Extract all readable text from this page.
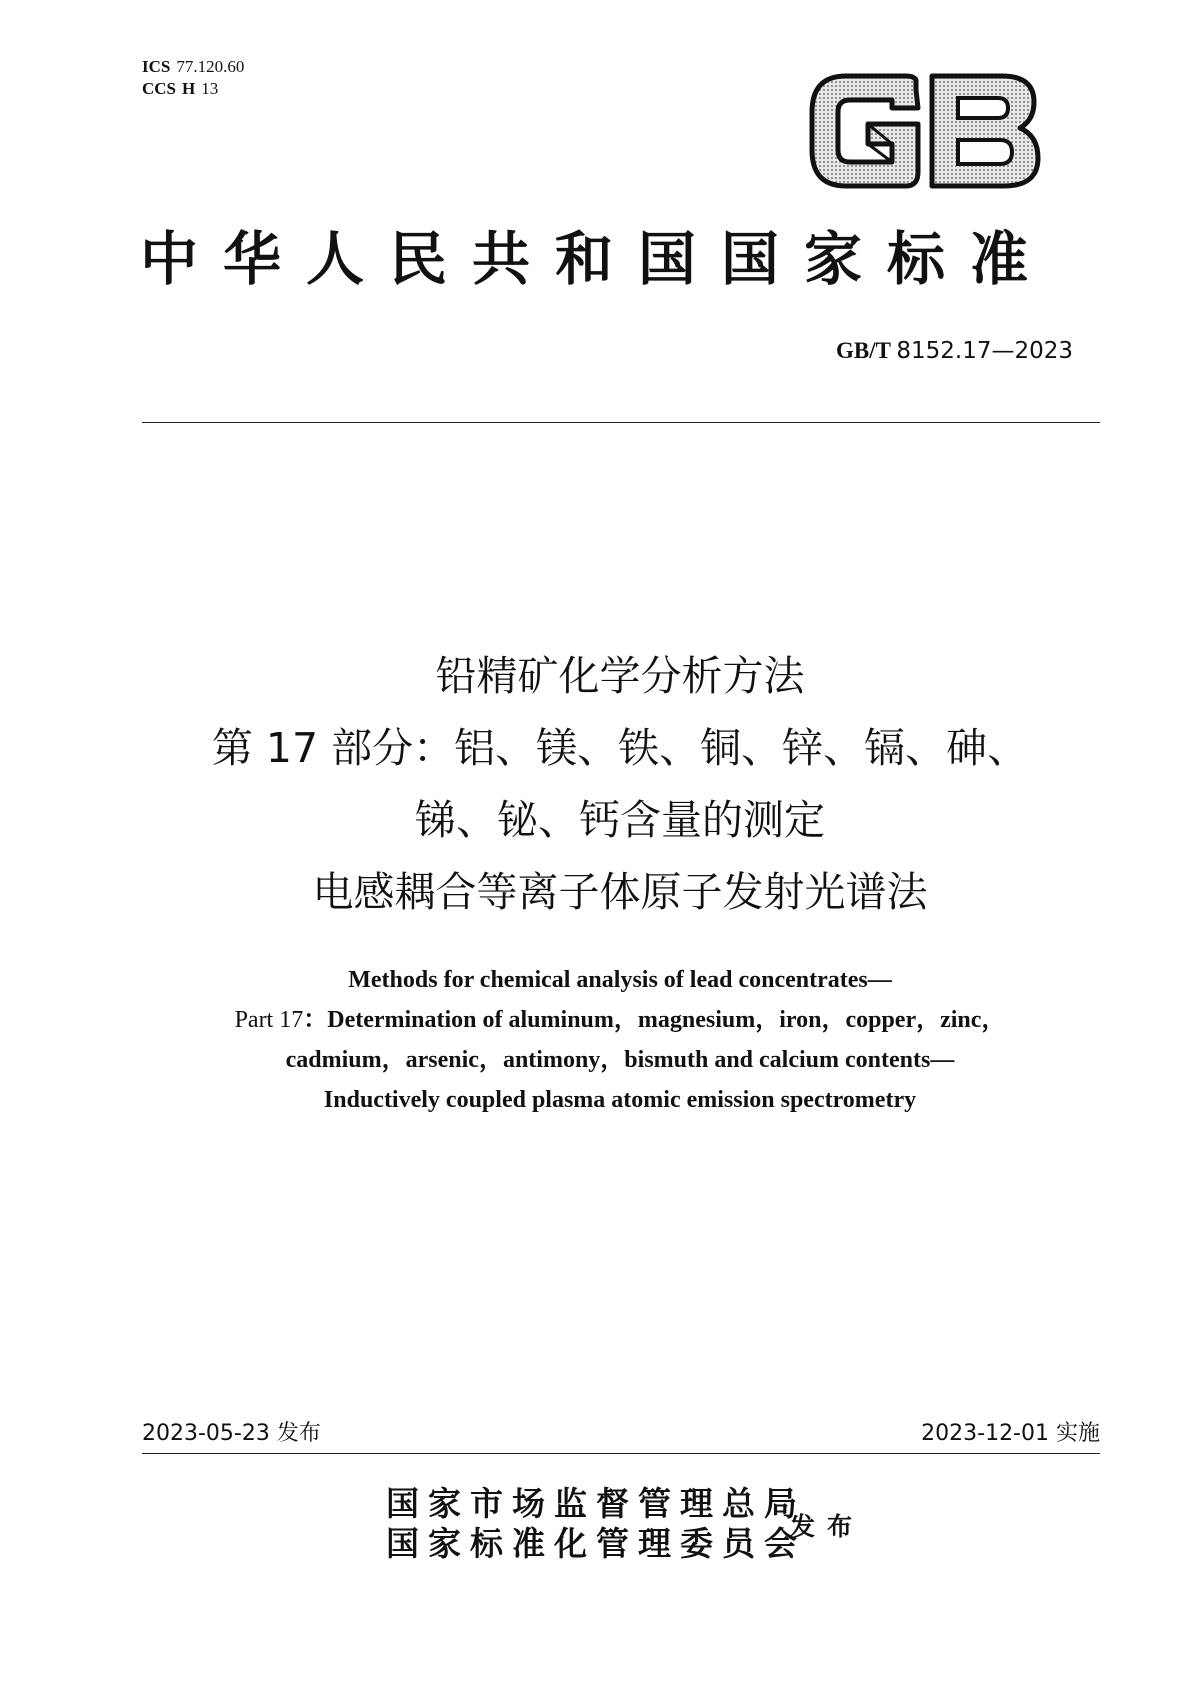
ICS 77.120.60
CCS H 13
中华人民共和国国家标准
GB/T 8152.17—2023
铅精矿化学分析方法
第 17 部分：铝、镁、铁、铜、锌、镉、砷、
锑、铋、钙含量的测定
电感耦合等离子体原子发射光谱法
Methods for chemical analysis of lead concentrates—
Part 17：Determination of aluminum，magnesium，iron，copper，zinc，
cadmium，arsenic，antimony，bismuth and calcium contents—
Inductively coupled plasma atomic emission spectrometry
2023-05-23 发布	2023-12-01 实施
国家市场监督管理总局
国家标准化管理委员会
发布
